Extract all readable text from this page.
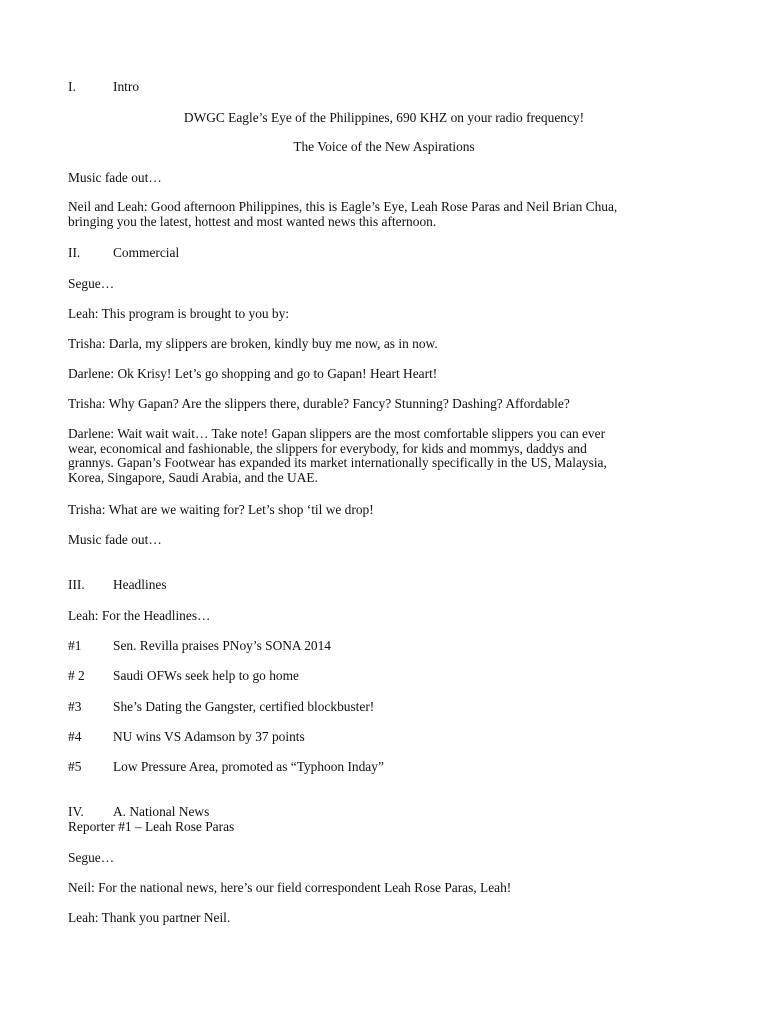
I.	Intro
DWGC Eagle’s Eye of the Philippines, 690 KHZ on your radio frequency!
The Voice of the New Aspirations
Music fade out…
Neil and Leah: Good afternoon Philippines, this is Eagle’s Eye, Leah Rose Paras and Neil Brian Chua,
bringing you the latest, hottest and most wanted news this afternoon.
II. Commercial
Segue…
Leah: This program is brought to you by:
Trisha: Darla, my slippers are broken, kindly buy me now, as in now.
Darlene: Ok Krisy! Let’s go shopping and go to Gapan! Heart Heart!
Trisha: Why Gapan? Are the slippers there, durable? Fancy? Stunning? Dashing? Affordable?
Darlene: Wait wait wait… Take note! Gapan slippers are the most comfortable slippers you can ever
wear, economical and fashionable, the slippers for everybody, for kids and mommys, daddys and
grannys. Gapan’s Footwear has expanded its market internationally specifically in the US, Malaysia,
Korea, Singapore, Saudi Arabia, and the UAE.
Trisha: What are we waiting for? Let’s shop ‘til we drop!
Music fade out…
III. Headlines
Leah: For the Headlines…
#1 Sen. Revilla praises PNoy’s SONA 2014
# 2 Saudi OFWs seek help to go home
#3 She’s Dating the Gangster, certified blockbuster!
#4 NU wins VS Adamson by 37 points
#5 Low Pressure Area, promoted as “Typhoon Inday”
IV. A. National News
Reporter #1 – Leah Rose Paras
Segue…
Neil: For the national news, here’s our field correspondent Leah Rose Paras, Leah!
Leah: Thank you partner Neil.
